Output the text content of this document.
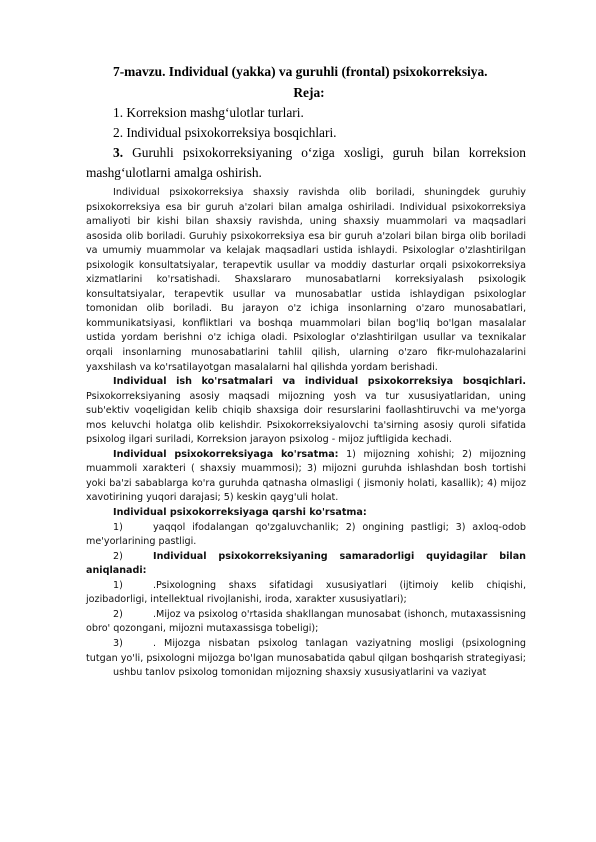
7-mavzu. Individual (yakka) va guruhli (frontal) psixokorreksiya.
Reja:
1. Korreksion mashg‘ulotlar turlari.
2. Individual psixokorreksiya bosqichlari.
3. Guruhli psixokorreksiyaning o‘ziga xosligi, guruh bilan korreksion mashg‘ulotlarni amalga oshirish.

Individual psixokorreksiya shaxsiy ravishda olib boriladi, shuningdek guruhiy psixokorreksiya esa bir guruh a'zolari bilan amalga oshiriladi. Individual psixokorreksiya amaliyoti bir kishi bilan shaxsiy ravishda, uning shaxsiy muammolari va maqsadlari asosida olib boriladi. Guruhiy psixokorreksiya esa bir guruh a'zolari bilan birga olib boriladi va umumiy muammolar va kelajak maqsadlari ustida ishlaydi. Psixologlar o'zlashtirilgan psixologik konsultatsiyalar, terapevtik usullar va moddiy dasturlar orqali psixokorreksiya xizmatlarini ko'rsatishadi. Shaxslararo munosabatlarni korreksiyalash psixologik konsultatsiyalar, terapevtik usullar va munosabatlar ustida ishlaydigan psixologlar tomonidan olib boriladi. Bu jarayon o'z ichiga insonlarning o'zaro munosabatlari, kommunikatsiyasi, konfliktlari va boshqa muammolari bilan bog'liq bo'lgan masalalar ustida yordam berishni o'z ichiga oladi. Psixologlar o'zlashtirilgan usullar va texnikalar orqali insonlarning munosabatlarini tahlil qilish, ularning o'zaro fikr-mulohazalarini yaxshilash va ko'rsatilayotgan masalalarni hal qilishda yordam berishadi.

Individual ish ko'rsatmalari va individual psixokorreksiya bosqichlari. Psixokorreksiyaning asosiy maqsadi mijozning yosh va tur xususiyatlaridan, uning sub'ektiv voqeligidan kelib chiqib shaxsiga doir resurslarini faollashtiruvchi va me'yorga mos keluvchi holatga olib kelishdir. Psixokorreksiyalovchi ta'sirning asosiy quroli sifatida psixolog ilgari suriladi, Korreksion jarayon psixolog - mijoz juftligida kechadi.

Individual psixokorreksiyaga ko'rsatma: 1) mijozning xohishi; 2) mijozning muammoli xarakteri ( shaxsiy muammosi); 3) mijozni guruhda ishlashdan bosh tortishi yoki ba'zi sabablarga ko'ra guruhda qatnasha olmasligi ( jismoniy holati, kasallik); 4) mijoz xavotirining yuqori darajasi; 5) keskin qayg'uli holat.

Individual psixokorreksiyaga qarshi ko'rsatma:

1)	yaqqol ifodalangan qo'zgaluvchanlik; 2) ongining pastligi; 3) axloq-odob me'yorlarining pastligi.

2)	Individual psixokorreksiyaning samaradorligi quyidagilar bilan aniqlanadi:

1)	.Psixologning shaxs sifatidagi xususiyatlari (ijtimoiy kelib chiqishi, jozibadorligi, intellektual rivojlanishi, iroda, xarakter xususiyatlari);

2)	.Mijoz va psixolog o'rtasida shakllangan munosabat (ishonch, mutaxassisning obro' qozongani, mijozni mutaxassisga tobeligi);

3)	. Mijozga nisbatan psixolog tanlagan vaziyatning mosligi (psixologning tutgan yo'li, psixologni mijozga bo'lgan munosabatida qabul qilgan boshqarish strategiyasi;

ushbu tanlov psixolog tomonidan mijozning shaxsiy xususiyatlarini va vaziyat
